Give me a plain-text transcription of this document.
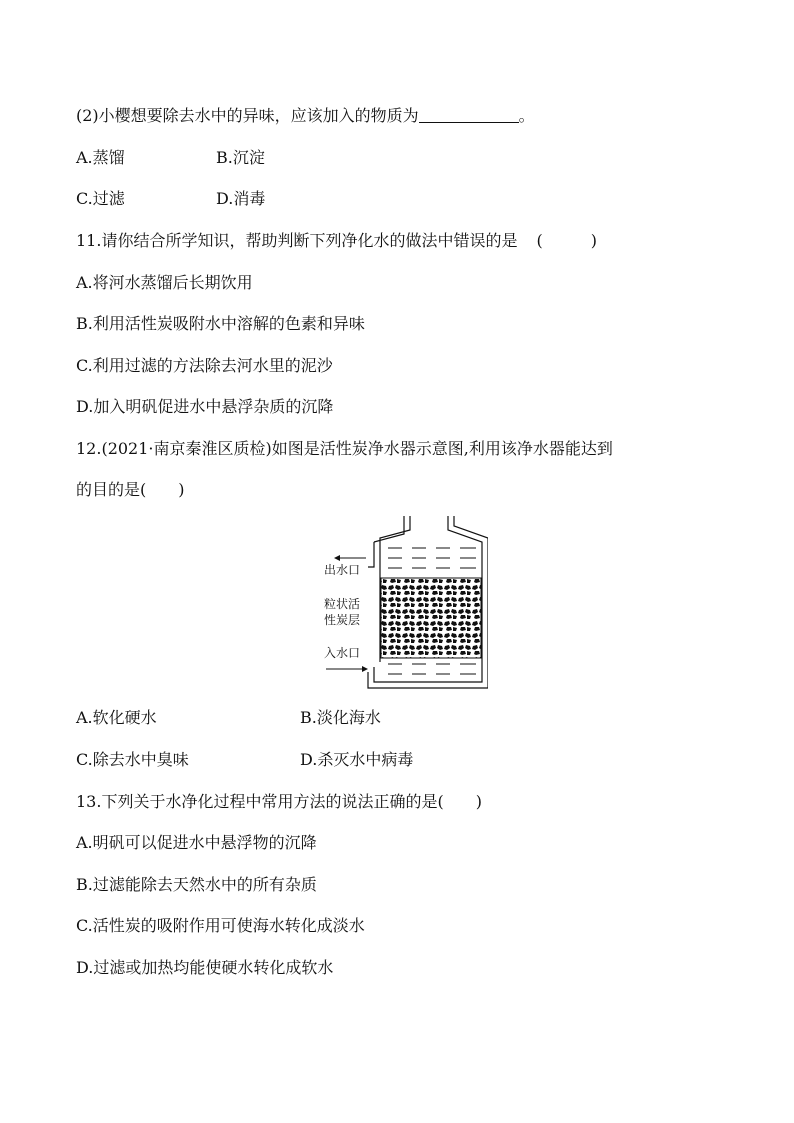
(2)小樱想要除去水中的异味，应该加入的物质为	。
A.蒸馏	B.沉淀
C.过滤	D.消毒
11.请你结合所学知识，帮助判断下列净化水的做法中错误的是 (　　　)
A.将河水蒸馏后长期饮用
B.利用活性炭吸附水中溶解的色素和异味
C.利用过滤的方法除去河水里的泥沙
D.加入明矾促进水中悬浮杂质的沉降
12.(2021·南京秦淮区质检)如图是活性炭净水器示意图,利用该净水器能达到
的目的是(　　)
出水口
粒状活
性炭层
入水口
A.软化硬水	B.淡化海水
C.除去水中臭味	D.杀灭水中病毒
13.下列关于水净化过程中常用方法的说法正确的是(　　)
A.明矾可以促进水中悬浮物的沉降
B.过滤能除去天然水中的所有杂质
C.活性炭的吸附作用可使海水转化成淡水
D.过滤或加热均能使硬水转化成软水
